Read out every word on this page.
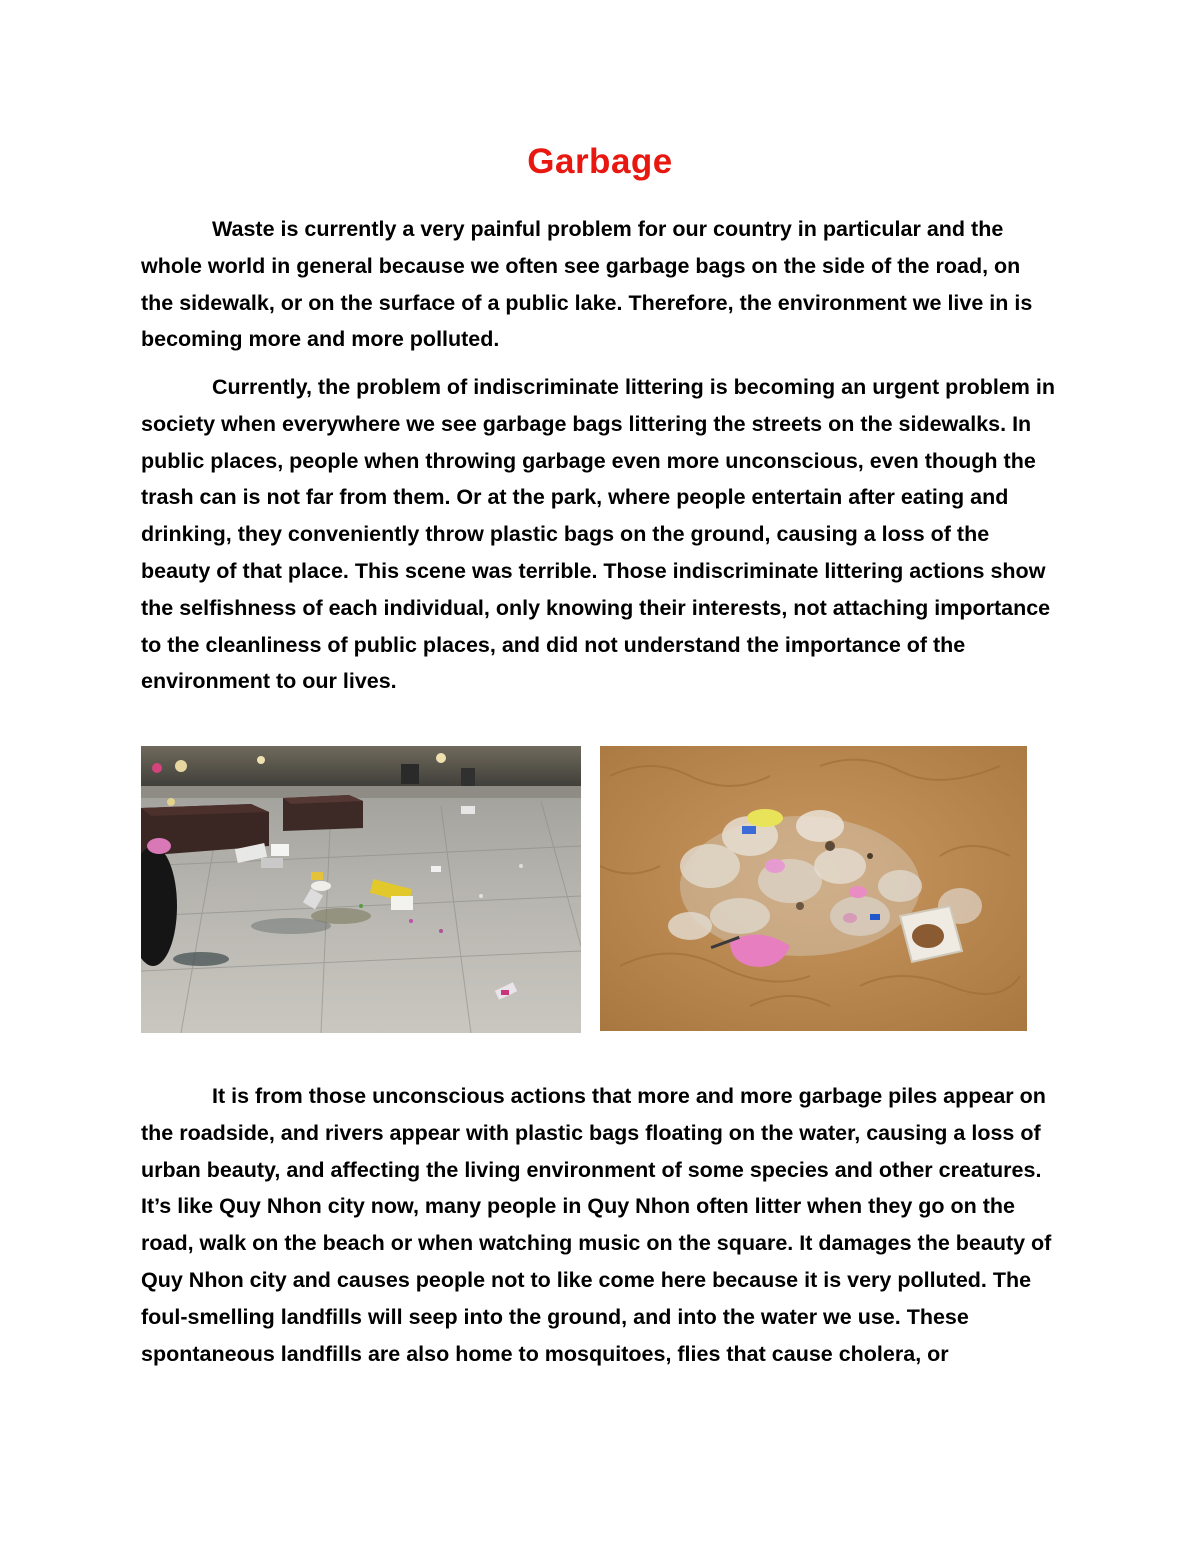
Garbage

Waste is currently a very painful problem for our country in particular and the whole world in general because we often see garbage bags on the side of the road, on the sidewalk, or on the surface of a public lake. Therefore, the environment we live in is becoming more and more polluted.

Currently, the problem of indiscriminate littering is becoming an urgent problem in society when everywhere we see garbage bags littering the streets on the sidewalks. In public places, people when throwing garbage even more unconscious, even though the trash can is not far from them. Or at the park, where people entertain after eating and drinking, they conveniently throw plastic bags on the ground, causing a loss of the beauty of that place. This scene was terrible. Those indiscriminate littering actions show the selfishness of each individual, only knowing their interests, not attaching importance to the cleanliness of public places, and did not understand the importance of the environment to our lives.

It is from those unconscious actions that more and more garbage piles appear on the roadside, and rivers appear with plastic bags floating on the water, causing a loss of urban beauty, and affecting the living environment of some species and other creatures. It’s like Quy Nhon city now, many people in Quy Nhon often litter when they go on the road, walk on the beach or when watching music on the square. It damages the beauty of Quy Nhon city and causes people not to like come here because it is very polluted. The foul-smelling landfills will seep into the ground, and into the water we use. These spontaneous landfills are also home to mosquitoes, flies that cause cholera, or
